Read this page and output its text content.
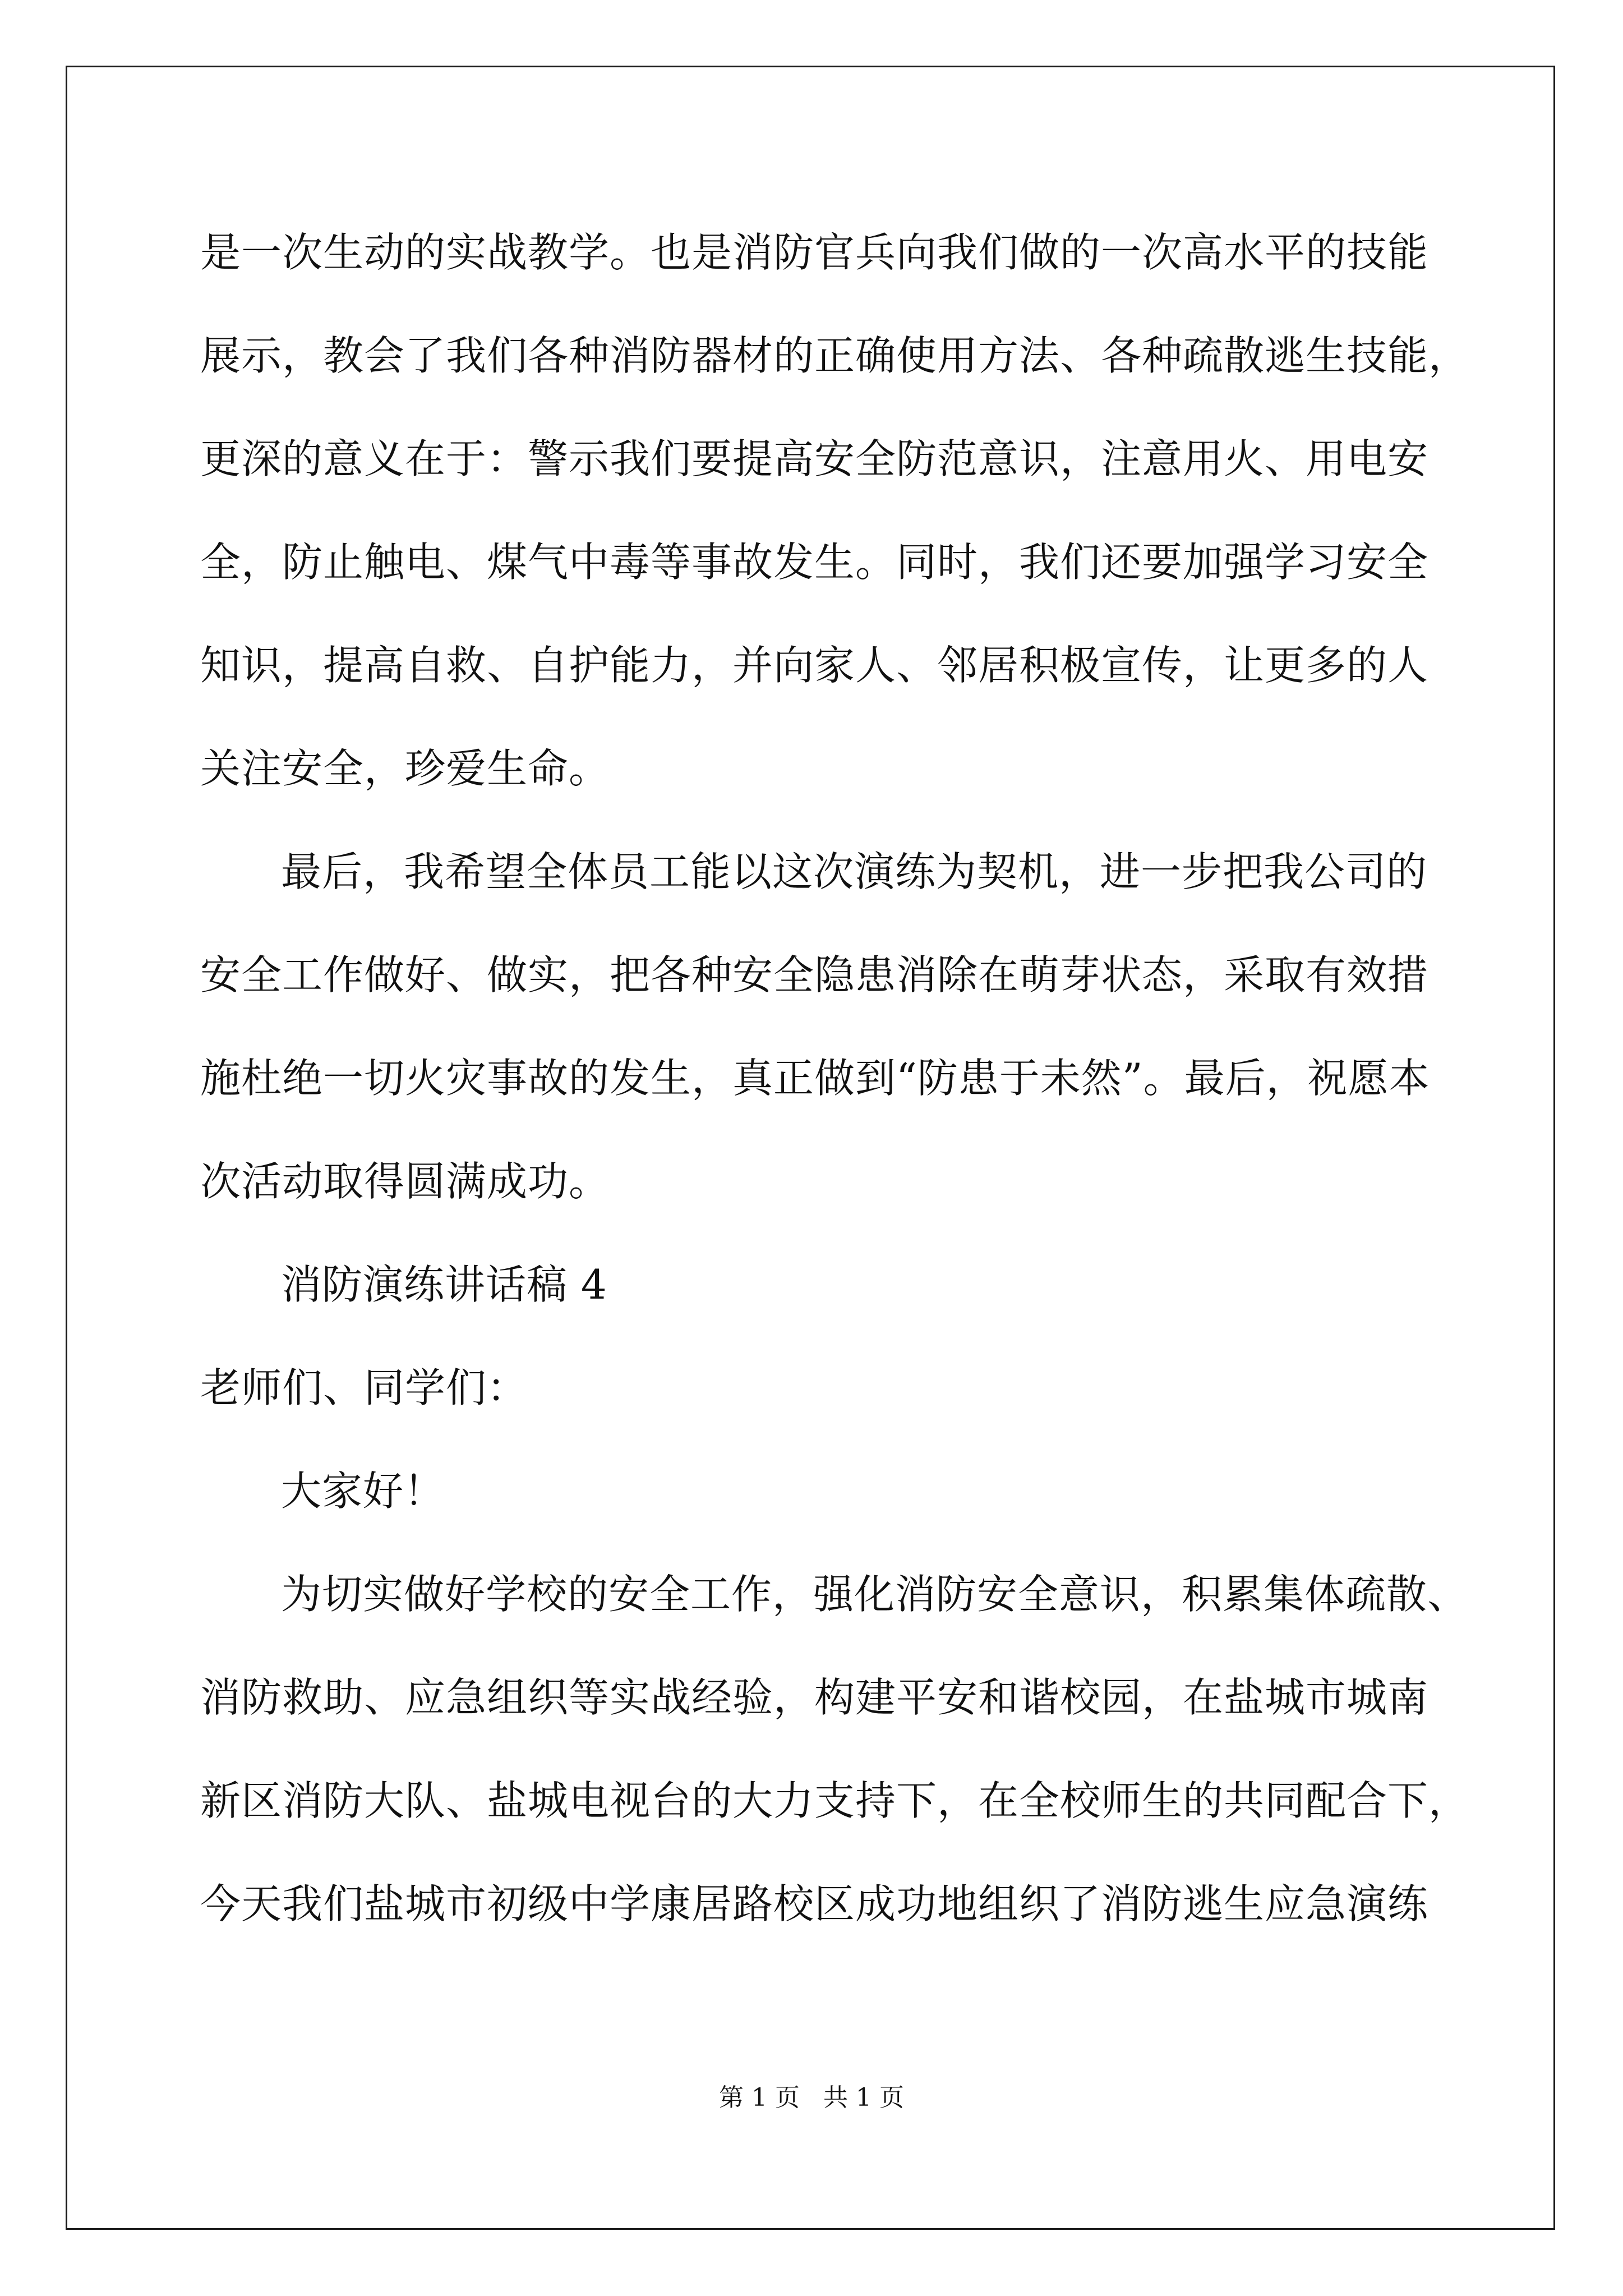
是一次生动的实战教学。也是消防官兵向我们做的一次高水平的技能
展示，教会了我们各种消防器材的正确使用方法、各种疏散逃生技能，
更深的意义在于：警示我们要提高安全防范意识，注意用火、用电安
全，防止触电、煤气中毒等事故发生。同时，我们还要加强学习安全
知识，提高自救、自护能力，并向家人、邻居积极宣传，让更多的人
关注安全，珍爱生命。
最后，我希望全体员工能以这次演练为契机，进一步把我公司的
安全工作做好、做实，把各种安全隐患消除在萌芽状态，采取有效措
施杜绝一切火灾事故的发生，真正做到“防患于未然”。最后，祝愿本
次活动取得圆满成功。
消防演练讲话稿 4
老师们、同学们：
大家好！
为切实做好学校的安全工作，强化消防安全意识，积累集体疏散、
消防救助、应急组织等实战经验，构建平安和谐校园，在盐城市城南
新区消防大队、盐城电视台的大力支持下，在全校师生的共同配合下，
今天我们盐城市初级中学康居路校区成功地组织了消防逃生应急演练
第 1 页   共 1 页
